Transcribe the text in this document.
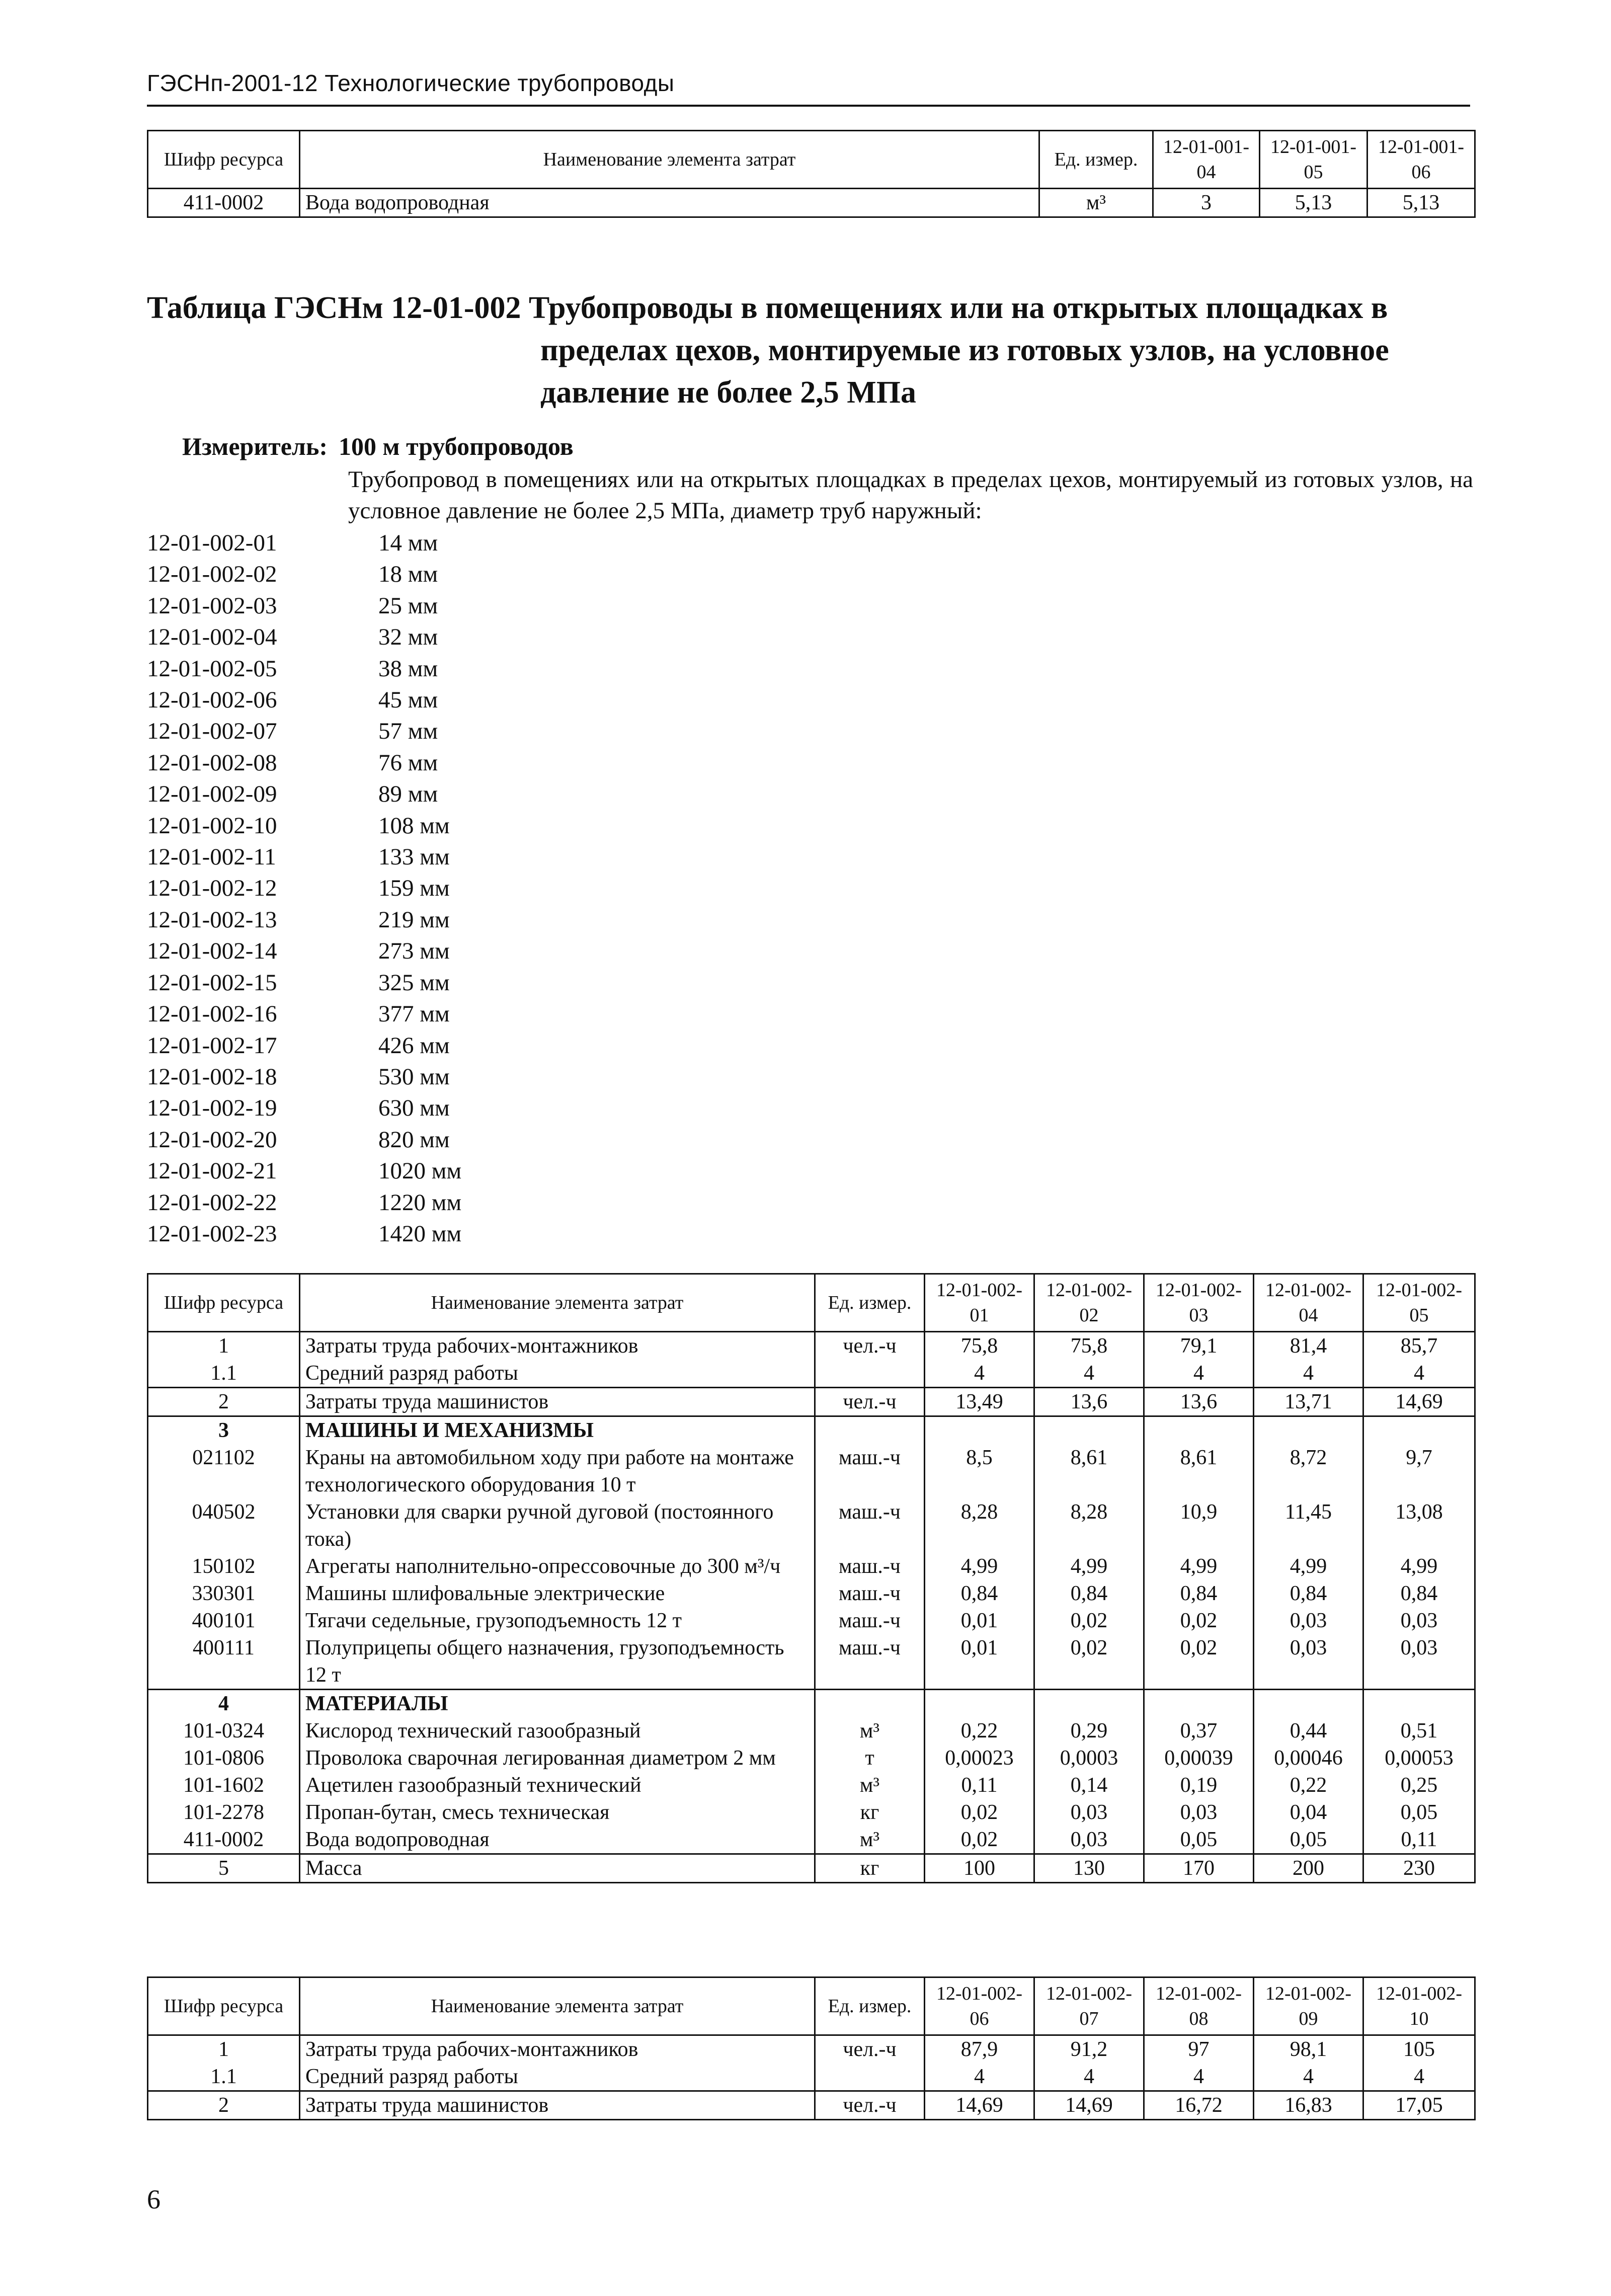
ГЭСНп-2001-12 Технологические трубопроводы
Шифр ресурса	Наименование элемента затрат	Ед. измер.	12-01-001-04	12-01-001-05	12-01-001-06
411-0002	Вода водопроводная	м³	3	5,13	5,13
Таблица ГЭСНм 12-01-002 Трубопроводы в помещениях или на открытых площадках в
пределах цехов, монтируемые из готовых узлов, на условное
давление не более 2,5 МПа
Измеритель: 100 м трубопроводов
Трубопровод в помещениях или на открытых площадках в пределах цехов, монтируемый из готовых узлов, на условное давление не более 2,5 МПа, диаметр труб наружный:
12-01-002-01	14 мм
12-01-002-02	18 мм
12-01-002-03	25 мм
12-01-002-04	32 мм
12-01-002-05	38 мм
12-01-002-06	45 мм
12-01-002-07	57 мм
12-01-002-08	76 мм
12-01-002-09	89 мм
12-01-002-10	108 мм
12-01-002-11	133 мм
12-01-002-12	159 мм
12-01-002-13	219 мм
12-01-002-14	273 мм
12-01-002-15	325 мм
12-01-002-16	377 мм
12-01-002-17	426 мм
12-01-002-18	530 мм
12-01-002-19	630 мм
12-01-002-20	820 мм
12-01-002-21	1020 мм
12-01-002-22	1220 мм
12-01-002-23	1420 мм
Шифр ресурса	Наименование элемента затрат	Ед. измер.	12-01-002-01	12-01-002-02	12-01-002-03	12-01-002-04	12-01-002-05
1	Затраты труда рабочих-монтажников	чел.-ч	75,8	75,8	79,1	81,4	85,7
1.1	Средний разряд работы		4	4	4	4	4
2	Затраты труда машинистов	чел.-ч	13,49	13,6	13,6	13,71	14,69
3	МАШИНЫ И МЕХАНИЗМЫ						
021102	Краны на автомобильном ходу при работе на монтаже технологического оборудования 10 т	маш.-ч	8,5	8,61	8,61	8,72	9,7
040502	Установки для сварки ручной дуговой (постоянного тока)	маш.-ч	8,28	8,28	10,9	11,45	13,08
150102	Агрегаты наполнительно-опрессовочные до 300 м³/ч	маш.-ч	4,99	4,99	4,99	4,99	4,99
330301	Машины шлифовальные электрические	маш.-ч	0,84	0,84	0,84	0,84	0,84
400101	Тягачи седельные, грузоподъемность 12 т	маш.-ч	0,01	0,02	0,02	0,03	0,03
400111	Полуприцепы общего назначения, грузоподъемность 12 т	маш.-ч	0,01	0,02	0,02	0,03	0,03
4	МАТЕРИАЛЫ						
101-0324	Кислород технический газообразный	м³	0,22	0,29	0,37	0,44	0,51
101-0806	Проволока сварочная легированная диаметром 2 мм	т	0,00023	0,0003	0,00039	0,00046	0,00053
101-1602	Ацетилен газообразный технический	м³	0,11	0,14	0,19	0,22	0,25
101-2278	Пропан-бутан, смесь техническая	кг	0,02	0,03	0,03	0,04	0,05
411-0002	Вода водопроводная	м³	0,02	0,03	0,05	0,05	0,11
5	Масса	кг	100	130	170	200	230
Шифр ресурса	Наименование элемента затрат	Ед. измер.	12-01-002-06	12-01-002-07	12-01-002-08	12-01-002-09	12-01-002-10
1	Затраты труда рабочих-монтажников	чел.-ч	87,9	91,2	97	98,1	105
1.1	Средний разряд работы		4	4	4	4	4
2	Затраты труда машинистов	чел.-ч	14,69	14,69	16,72	16,83	17,05
6
